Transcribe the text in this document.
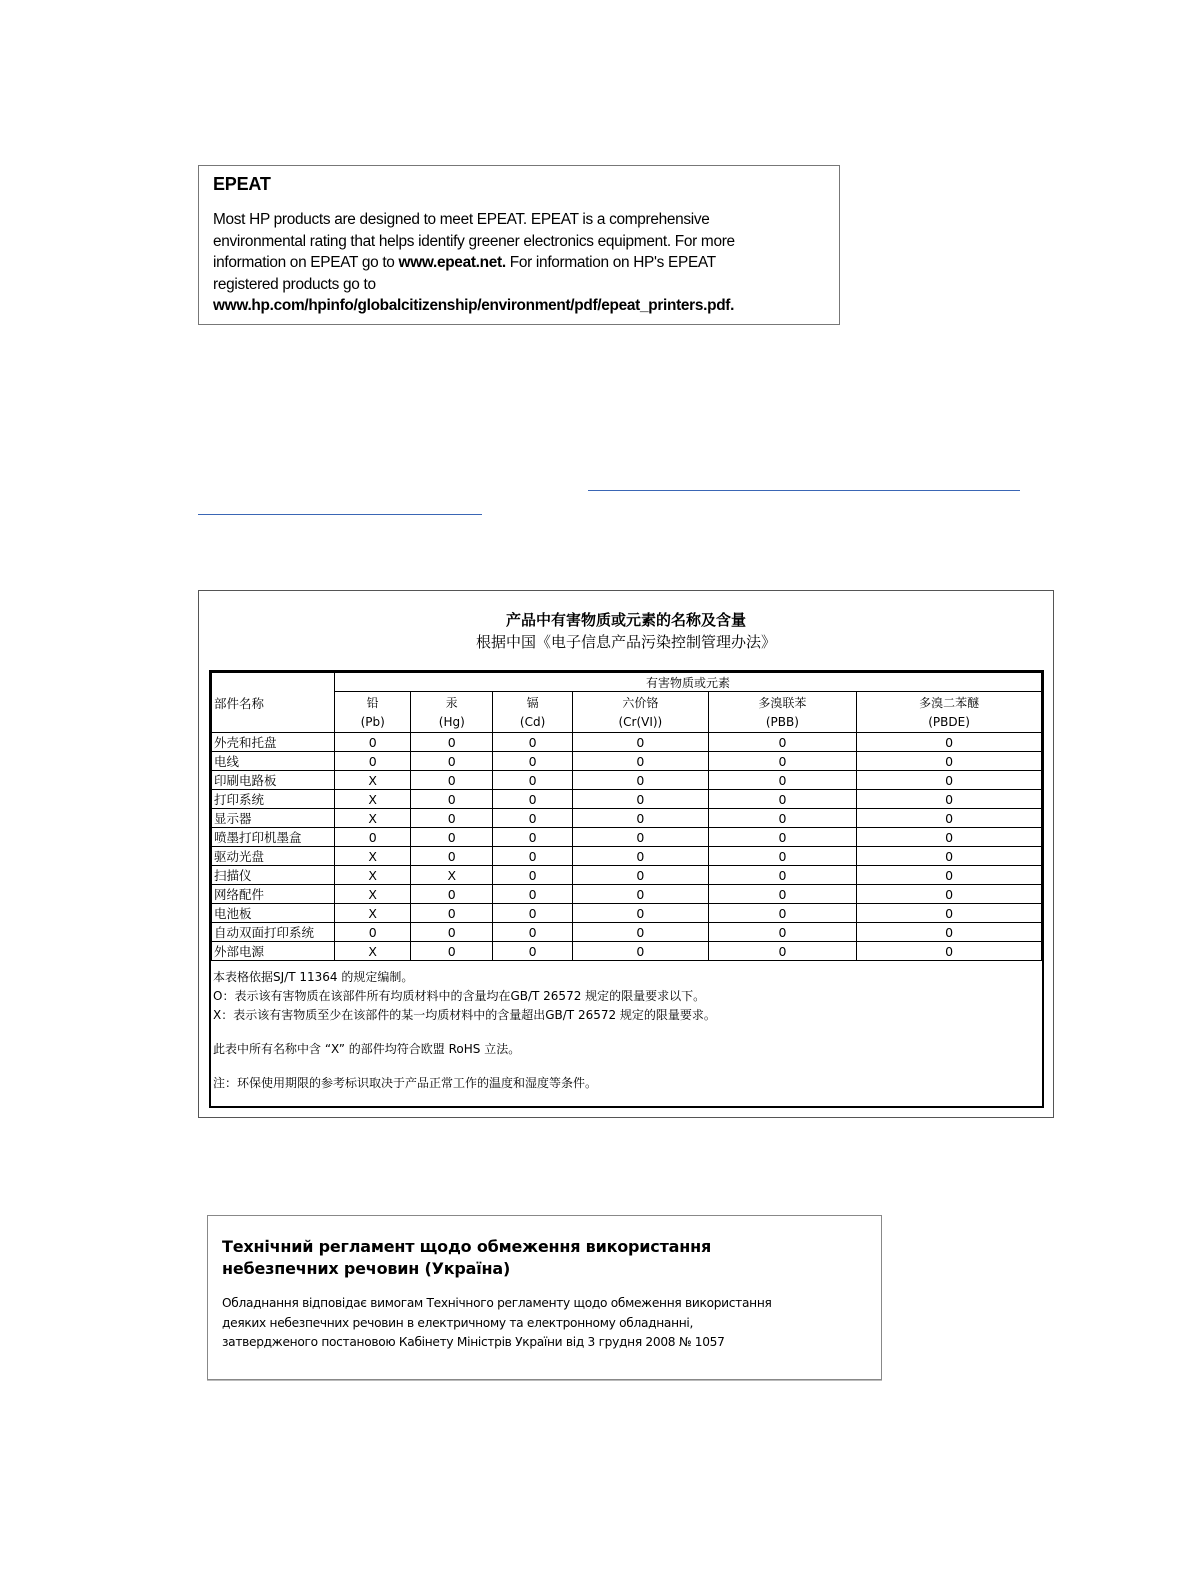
EPEAT
Most HP products are designed to meet EPEAT. EPEAT is a comprehensive
environmental rating that helps identify greener electronics equipment. For more
information on EPEAT go to www.epeat.net. For information on HP's EPEAT
registered products go to
www.hp.com/hpinfo/globalcitizenship/environment/pdf/epeat_printers.pdf.
产品中有害物质或元素的名称及含量
根据中国《电子信息产品污染控制管理办法》
部件名称	有害物质或元素					
	铅	汞	镉	六价铬	多溴联苯	多溴二苯醚
	(Pb)	(Hg)	(Cd)	(Cr(VI))	(PBB)	(PBDE)
外壳和托盘	0	0	0	0	0	0
电线	0	0	0	0	0	0
印刷电路板	X	0	0	0	0	0
打印系统	X	0	0	0	0	0
显示器	X	0	0	0	0	0
喷墨打印机墨盒	0	0	0	0	0	0
驱动光盘	X	0	0	0	0	0
扫描仪	X	X	0	0	0	0
网络配件	X	0	0	0	0	0
电池板	X	0	0	0	0	0
自动双面打印系统	0	0	0	0	0	0
外部电源	X	0	0	0	0	0
本表格依据SJ/T 11364 的规定编制。
O：表示该有害物质在该部件所有均质材料中的含量均在GB/T 26572 规定的限量要求以下。
X：表示该有害物质至少在该部件的某一均质材料中的含量超出GB/T 26572 规定的限量要求。
此表中所有名称中含 “X” 的部件均符合欧盟 RoHS 立法。
注：环保使用期限的参考标识取决于产品正常工作的温度和湿度等条件。
Технічний регламент щодо обмеження використання
небезпечних речовин (Україна)
Обладнання відповідає вимогам Технічного регламенту щодо обмеження використання
деяких небезпечних речовин в електричному та електронному обладнанні,
затвердженого постановою Кабінету Міністрів України від 3 грудня 2008 № 1057
